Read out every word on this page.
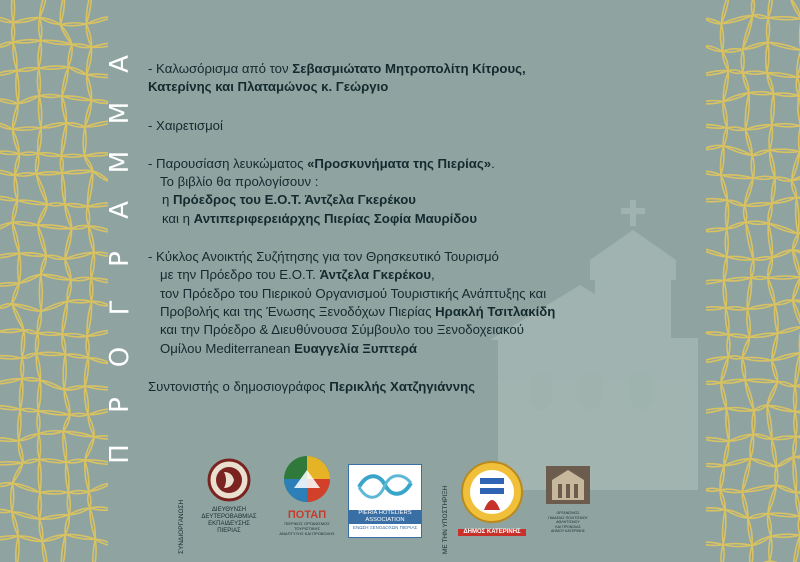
Π
Ρ
Ο
Γ
Ρ
Α
Μ
Μ
Α - Καλωσόρισμα από τον Σεβασμιώτατο Μητροπολίτη Κίτρους,
Κατερίνης και Πλαταμώνος κ. Γεώργιο
- Χαιρετισμοί
- Παρουσίαση λευκώματος «Προσκυνήματα της Πιερίας».
Το βιβλίο θα προλογίσουν :
η Πρόεδρος του Ε.Ο.Τ. Άντζελα Γκερέκου
και η Αντιπεριφερειάρχης Πιερίας Σοφία Μαυρίδου
- Κύκλος Ανοικτής Συζήτησης για τον Θρησκευτικό Τουρισμό
με την Πρόεδρο του Ε.Ο.Τ. Άντζελα Γκερέκου,
τον Πρόεδρο του Πιερικού Οργανισμού Τουριστικής Ανάπτυξης και
Προβολής και της Ένωσης Ξενοδόχων Πιερίας Ηρακλή Τσιτλακίδη
και την Πρόεδρο & Διευθύνουσα Σύμβουλο του Ξενοδοχειακού
Ομίλου Mediterranean Ευαγγελία Ξυπτερά
Συντονιστής ο δημοσιογράφος Περικλής Χατζηγιάννης
ΣΥΝΔΙΟΡΓΑΝΩΣΗ	ΔΙΕΥΘΥΝΣΗ
ΔΕΥΤΕΡΟΒΑΘΜΙΑΣ
ΕΚΠΑΙΔΕΥΣΗΣ
ΠΙΕΡΙΑΣ
ΠΟΤΑΠ
ΠΙΕΡΙΚΟΣ ΟΡΓΑΝΙΣΜΟΣ ΤΟΥΡΙΣΤΙΚΗΣ
ΑΝΑΠΤΥΞΗΣ ΚΑΙ ΠΡΟΒΟΛΗΣ
PIERIA HOTELIERS
ASSOCIATION
ΕΝΩΣΗ ΞΕΝΟΔΟΧΩΝ ΠΙΕΡΙΑΣ	ΜΕ ΤΗΝ ΥΠΟΣΤΗΡΙΞΗ	ΔΗΜΟΣ ΚΑΤΕΡΙΝΗΣ
ΟΡΓΑΝΙΣΜΟΣ
ΠΑΙΔΕΙΑΣ ΠΟΛΙΤΙΣΜΟΥ
ΑΘΛΗΤΙΣΜΟΥ
ΚΑΙ ΠΡΟΝΟΙΑΣ
ΔΗΜΟΥ ΚΑΤΕΡΙΝΗΣ
